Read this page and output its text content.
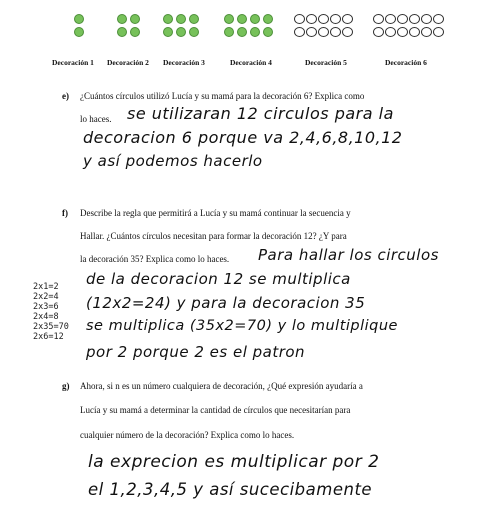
Decoración 1 Decoración 2 Decoración 3	Decoración 4	Decoración 5	Decoración 6
e) ¿Cuántos círculos utilizó Lucía y su mamá para la decoración 6? Explica como
lo haces. se utilizaran 12 circulos para la
decoracion 6 porque va 2,4,6,8,10,12
y así podemos hacerlo
f) Describe la regla que permitirá a Lucía y su mamá continuar la secuencia y
Hallar. ¿Cuántos círculos necesitan para formar la decoración 12? ¿Y para
la decoración 35? Explica como lo haces. Para hallar los circulos
de la decoracion 12 se multiplica
(12x2=24) y para la decoracion 35
se multiplica (35x2=70) y lo multiplique
por 2 porque 2 es el patron
2x1=2
2x2=4
2x3=6
2x4=8
2x35=70
2x6=12
g) Ahora, si n es un número cualquiera de decoración, ¿Qué expresión ayudaría a
Lucía y su mamá a determinar la cantidad de círculos que necesitarían para
cualquier número de la decoración? Explica como lo haces.
la exprecion es multiplicar por 2
el 1,2,3,4,5 y así sucecibamente
